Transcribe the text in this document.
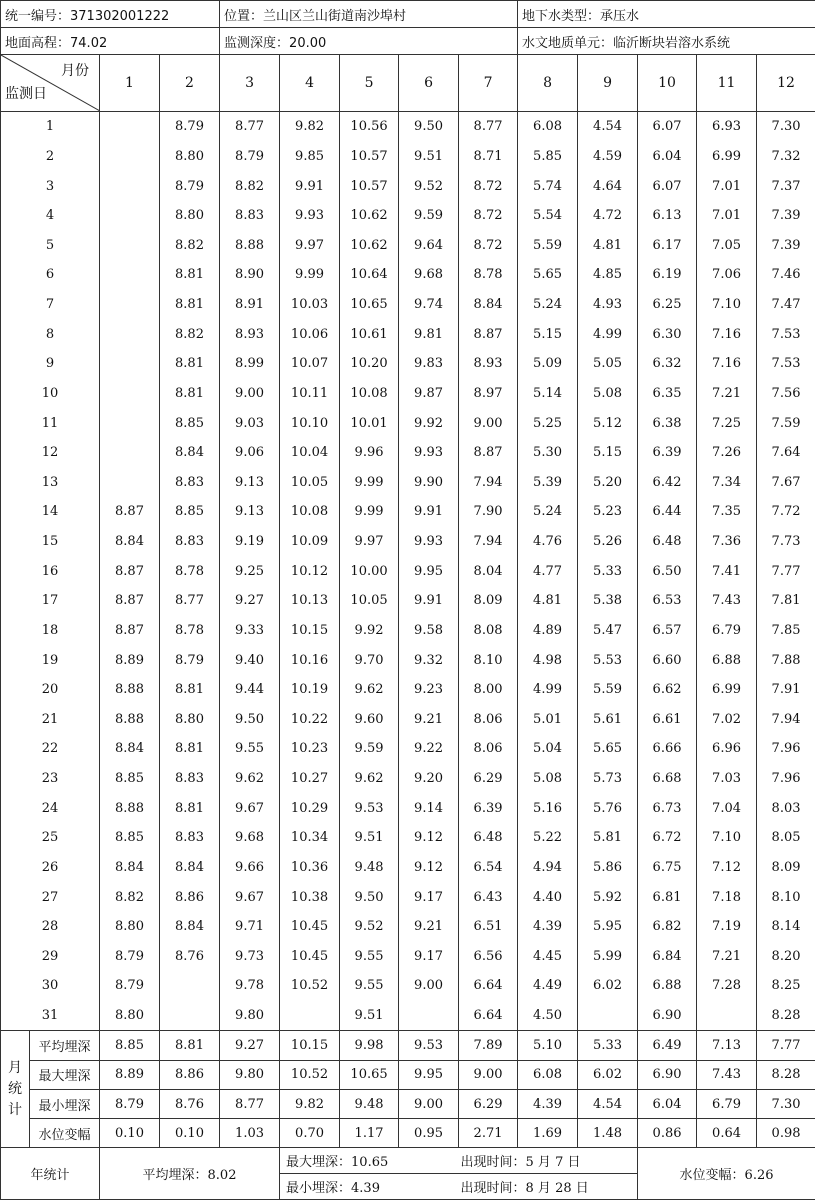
统一编号：371302001222				位置：兰山区兰山街道南沙埠村					地下水类型：承压水				
地面高程：74.02				监测深度：20.00					水文地质单元：临沂断块岩溶水系统				

月份
监测日		1	2	3	4	5	6	7	8	9	10	11	12
1			8.79	8.77	9.82	10.56	9.50	8.77	6.08	4.54	6.07	6.93	7.30
2			8.80	8.79	9.85	10.57	9.51	8.71	5.85	4.59	6.04	6.99	7.32
3			8.79	8.82	9.91	10.57	9.52	8.72	5.74	4.64	6.07	7.01	7.37
4			8.80	8.83	9.93	10.62	9.59	8.72	5.54	4.72	6.13	7.01	7.39
5			8.82	8.88	9.97	10.62	9.64	8.72	5.59	4.81	6.17	7.05	7.39
6			8.81	8.90	9.99	10.64	9.68	8.78	5.65	4.85	6.19	7.06	7.46
7			8.81	8.91	10.03	10.65	9.74	8.84	5.24	4.93	6.25	7.10	7.47
8			8.82	8.93	10.06	10.61	9.81	8.87	5.15	4.99	6.30	7.16	7.53
9			8.81	8.99	10.07	10.20	9.83	8.93	5.09	5.05	6.32	7.16	7.53
10			8.81	9.00	10.11	10.08	9.87	8.97	5.14	5.08	6.35	7.21	7.56
11			8.85	9.03	10.10	10.01	9.92	9.00	5.25	5.12	6.38	7.25	7.59
12			8.84	9.06	10.04	9.96	9.93	8.87	5.30	5.15	6.39	7.26	7.64
13			8.83	9.13	10.05	9.99	9.90	7.94	5.39	5.20	6.42	7.34	7.67
14		8.87	8.85	9.13	10.08	9.99	9.91	7.90	5.24	5.23	6.44	7.35	7.72
15		8.84	8.83	9.19	10.09	9.97	9.93	7.94	4.76	5.26	6.48	7.36	7.73
16		8.87	8.78	9.25	10.12	10.00	9.95	8.04	4.77	5.33	6.50	7.41	7.77
17		8.87	8.77	9.27	10.13	10.05	9.91	8.09	4.81	5.38	6.53	7.43	7.81
18		8.87	8.78	9.33	10.15	9.92	9.58	8.08	4.89	5.47	6.57	6.79	7.85
19		8.89	8.79	9.40	10.16	9.70	9.32	8.10	4.98	5.53	6.60	6.88	7.88
20		8.88	8.81	9.44	10.19	9.62	9.23	8.00	4.99	5.59	6.62	6.99	7.91
21		8.88	8.80	9.50	10.22	9.60	9.21	8.06	5.01	5.61	6.61	7.02	7.94
22		8.84	8.81	9.55	10.23	9.59	9.22	8.06	5.04	5.65	6.66	6.96	7.96
23		8.85	8.83	9.62	10.27	9.62	9.20	6.29	5.08	5.73	6.68	7.03	7.96
24		8.88	8.81	9.67	10.29	9.53	9.14	6.39	5.16	5.76	6.73	7.04	8.03
25		8.85	8.83	9.68	10.34	9.51	9.12	6.48	5.22	5.81	6.72	7.10	8.05
26		8.84	8.84	9.66	10.36	9.48	9.12	6.54	4.94	5.86	6.75	7.12	8.09
27		8.82	8.86	9.67	10.38	9.50	9.17	6.43	4.40	5.92	6.81	7.18	8.10
28		8.80	8.84	9.71	10.45	9.52	9.21	6.51	4.39	5.95	6.82	7.19	8.14
29		8.79	8.76	9.73	10.45	9.55	9.17	6.56	4.45	5.99	6.84	7.21	8.20
30		8.79		9.78	10.52	9.55	9.00	6.64	4.49	6.02	6.88	7.28	8.25
31		8.80		9.80		9.51		6.64	4.50		6.90		8.28
月
统
计	平均埋深	8.85	8.81	9.27	10.15	9.98	9.53	7.89	5.10	5.33	6.49	7.13	7.77
	最大埋深	8.89	8.86	9.80	10.52	10.65	9.95	9.00	6.08	6.02	6.90	7.43	8.28
	最小埋深	8.79	8.76	8.77	9.82	9.48	9.00	6.29	4.39	4.54	6.04	6.79	7.30
	水位变幅	0.10	0.10	1.03	0.70	1.17	0.95	2.71	1.69	1.48	0.86	0.64	0.98
年统计		平均埋深：8.02			最大埋深：10.65			出现时间：5 月 7 日			水位变幅：6.26		
					最小埋深：4.39			出现时间：8 月 28 日					
